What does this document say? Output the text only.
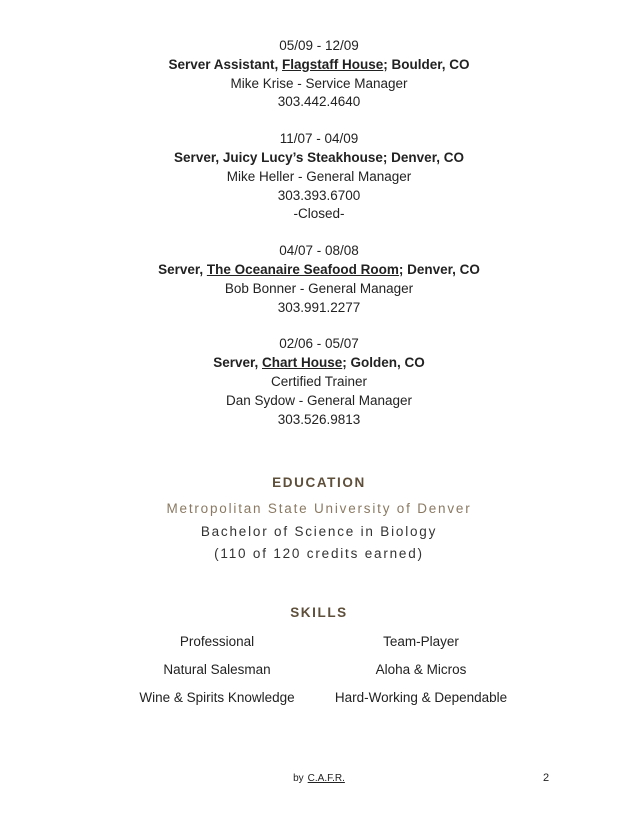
05/09 - 12/09
Server Assistant, Flagstaff House; Boulder, CO
Mike Krise - Service Manager
303.442.4640
11/07 - 04/09
Server, Juicy Lucy’s Steakhouse; Denver, CO
Mike Heller - General Manager
303.393.6700
-Closed-
04/07 - 08/08
Server, The Oceanaire Seafood Room; Denver, CO
Bob Bonner - General Manager
303.991.2277
02/06 - 05/07
Server, Chart House; Golden, CO
Certified Trainer
Dan Sydow - General Manager
303.526.9813
EDUCATION
Metropolitan State University of Denver
Bachelor of Science in Biology
(110 of 120 credits earned)
SKILLS
Professional	Team-Player
Natural Salesman	Aloha & Micros
Wine & Spirits Knowledge	Hard-Working & Dependable
by C.A.F.R.	2
